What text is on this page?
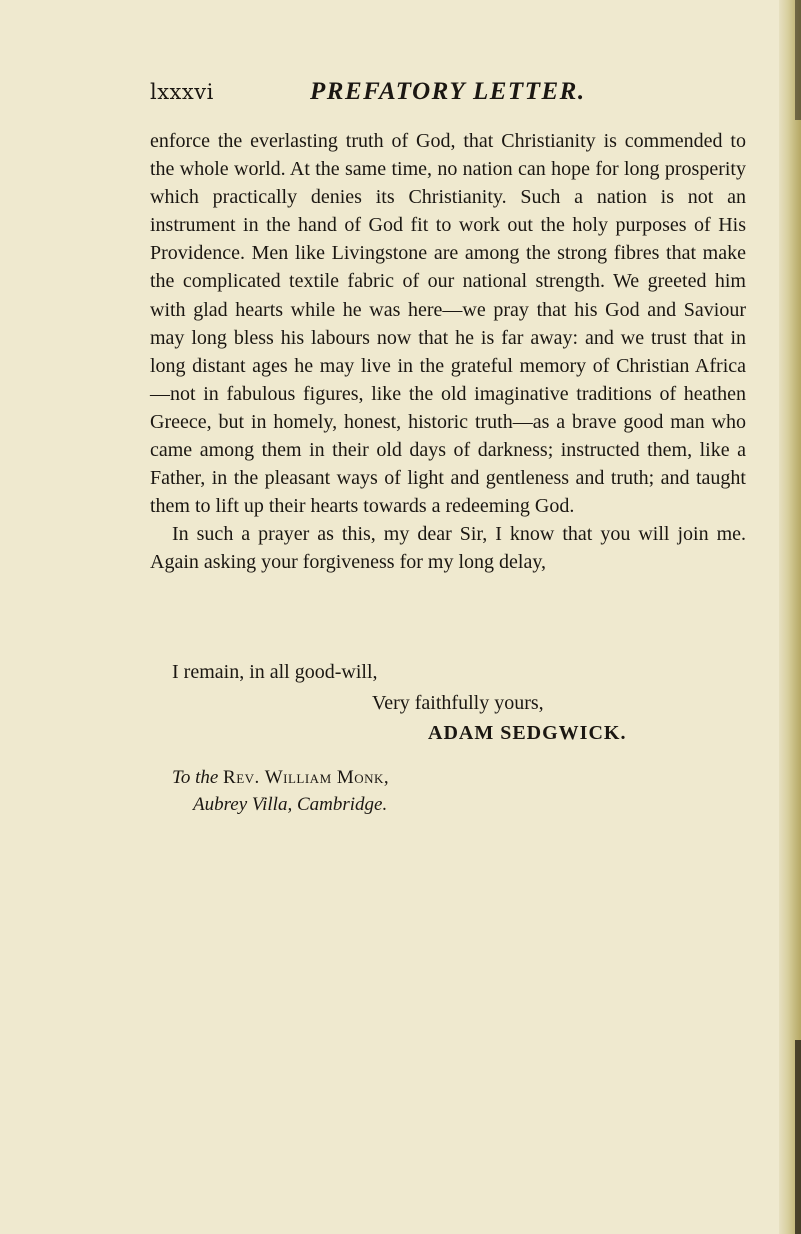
lxxxvi	PREFATORY LETTER.

enforce the everlasting truth of God, that Christianity is commended to the whole world. At the same time, no nation can hope for long prosperity which practically denies its Christianity. Such a nation is not an instrument in the hand of God fit to work out the holy purposes of His Providence. Men like Livingstone are among the strong fibres that make the complicated textile fabric of our national strength. We greeted him with glad hearts while he was here—we pray that his God and Saviour may long bless his labours now that he is far away: and we trust that in long distant ages he may live in the grateful memory of Christian Africa—not in fabulous figures, like the old imaginative traditions of heathen Greece, but in homely, honest, historic truth—as a brave good man who came among them in their old days of darkness; instructed them, like a Father, in the pleasant ways of light and gentleness and truth; and taught them to lift up their hearts towards a redeeming God.

In such a prayer as this, my dear Sir, I know that you will join me. Again asking your forgiveness for my long delay,

I remain, in all good-will,
Very faithfully yours,
ADAM SEDGWICK.
To the Rev. William Monk,
Aubrey Villa, Cambridge.
